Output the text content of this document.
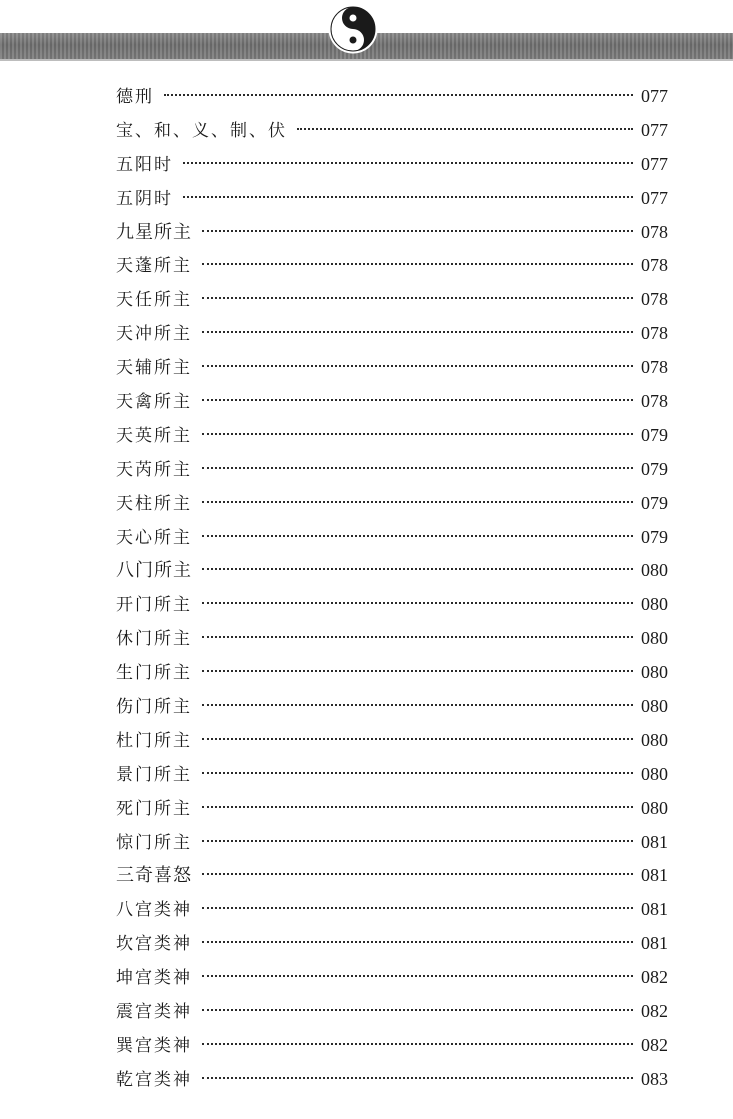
德刑	077
宝、和、义、制、伏	077
五阳时	077
五阴时	077
九星所主	078
天蓬所主	078
天任所主	078
天冲所主	078
天辅所主	078
天禽所主	078
天英所主	079
天芮所主	079
天柱所主	079
天心所主	079
八门所主	080
开门所主	080
休门所主	080
生门所主	080
伤门所主	080
杜门所主	080
景门所主	080
死门所主	080
惊门所主	081
三奇喜怒	081
八宫类神	081
坎宫类神	081
坤宫类神	082
震宫类神	082
巽宫类神	082
乾宫类神	083
